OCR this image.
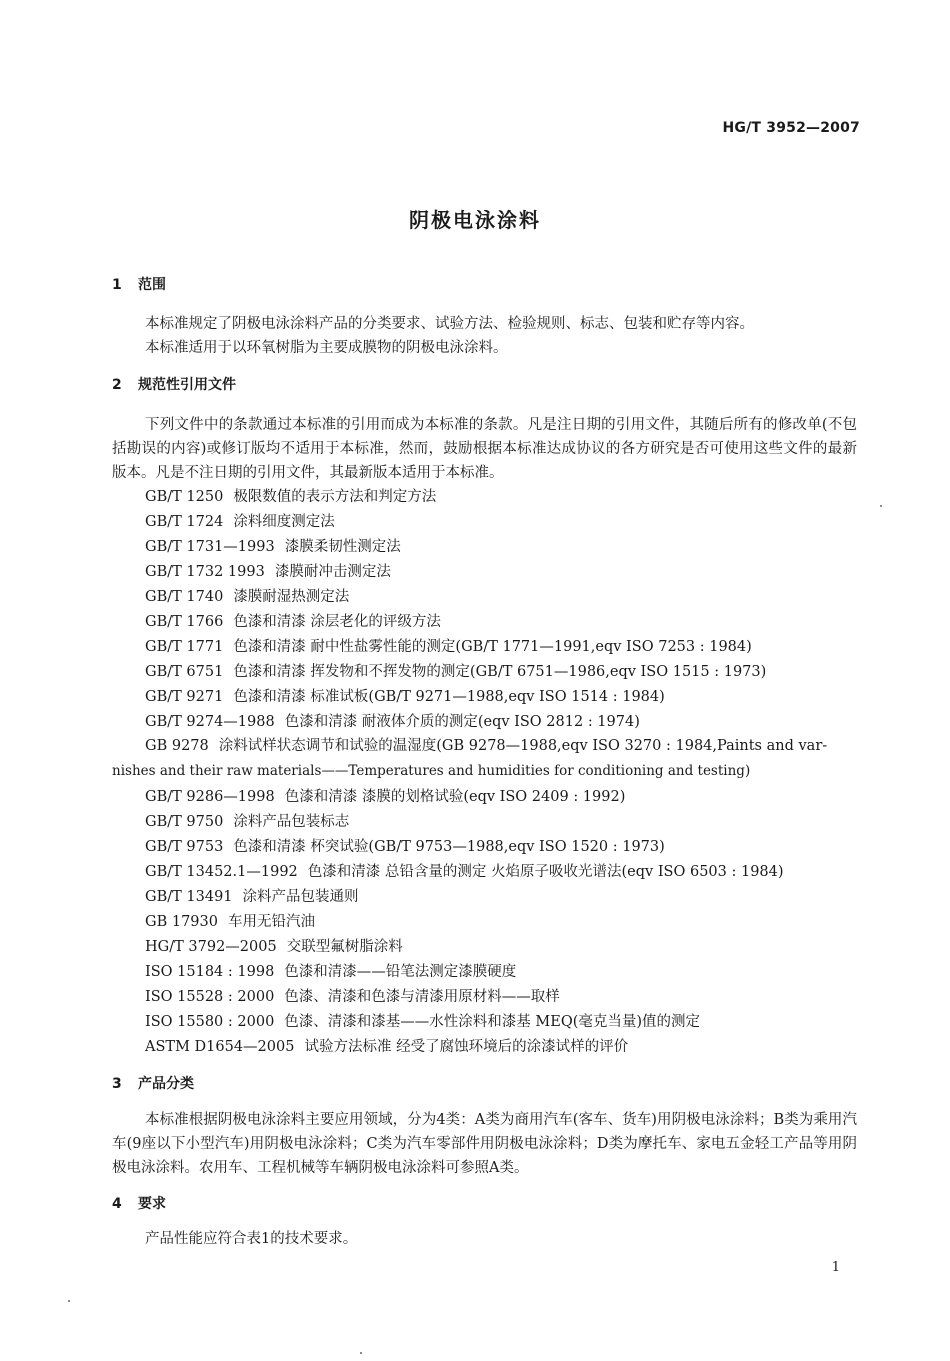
HG/T 3952—2007
阴极电泳涂料
1 范围

本标准规定了阴极电泳涂料产品的分类要求、试验方法、检验规则、标志、包装和贮存等内容。

本标准适用于以环氧树脂为主要成膜物的阴极电泳涂料。

2 规范性引用文件

下列文件中的条款通过本标准的引用而成为本标准的条款。凡是注日期的引用文件，其随后所有的修改单(不包括勘误的内容)或修订版均不适用于本标准，然而，鼓励根据本标准达成协议的各方研究是否可使用这些文件的最新版本。凡是不注日期的引用文件，其最新版本适用于本标准。

GB/T 1250 极限数值的表示方法和判定方法
GB/T 1724 涂料细度测定法
GB/T 1731—1993 漆膜柔韧性测定法
GB/T 1732 1993 漆膜耐冲击测定法
GB/T 1740 漆膜耐湿热测定法
GB/T 1766 色漆和清漆 涂层老化的评级方法
GB/T 1771 色漆和清漆 耐中性盐雾性能的测定(GB/T 1771—1991,eqv ISO 7253 : 1984)
GB/T 6751 色漆和清漆 挥发物和不挥发物的测定(GB/T 6751—1986,eqv ISO 1515 : 1973)
GB/T 9271 色漆和清漆 标准试板(GB/T 9271—1988,eqv ISO 1514 : 1984)
GB/T 9274—1988 色漆和清漆 耐液体介质的测定(eqv ISO 2812 : 1974)
GB 9278 涂料试样状态调节和试验的温湿度(GB 9278—1988,eqv ISO 3270 : 1984,Paints and var-
nishes and their raw materials——Temperatures and humidities for conditioning and testing)
GB/T 9286—1998 色漆和清漆 漆膜的划格试验(eqv ISO 2409 : 1992)
GB/T 9750 涂料产品包装标志
GB/T 9753 色漆和清漆 杯突试验(GB/T 9753—1988,eqv ISO 1520 : 1973)
GB/T 13452.1—1992 色漆和清漆 总铅含量的测定 火焰原子吸收光谱法(eqv ISO 6503 : 1984)
GB/T 13491 涂料产品包装通则
GB 17930 车用无铅汽油
HG/T 3792—2005 交联型氟树脂涂料
ISO 15184 : 1998 色漆和清漆——铅笔法测定漆膜硬度
ISO 15528 : 2000 色漆、清漆和色漆与清漆用原材料——取样
ISO 15580 : 2000 色漆、清漆和漆基——水性涂料和漆基 MEQ(毫克当量)值的测定
ASTM D1654—2005 试验方法标准 经受了腐蚀环境后的涂漆试样的评价
3 产品分类

本标准根据阴极电泳涂料主要应用领域，分为4类：A类为商用汽车(客车、货车)用阴极电泳涂料；B类为乘用汽车(9座以下小型汽车)用阴极电泳涂料；C类为汽车零部件用阴极电泳涂料；D类为摩托车、家电五金轻工产品等用阴极电泳涂料。农用车、工程机械等车辆阴极电泳涂料可参照A类。

4 要求

产品性能应符合表1的技术要求。

1
